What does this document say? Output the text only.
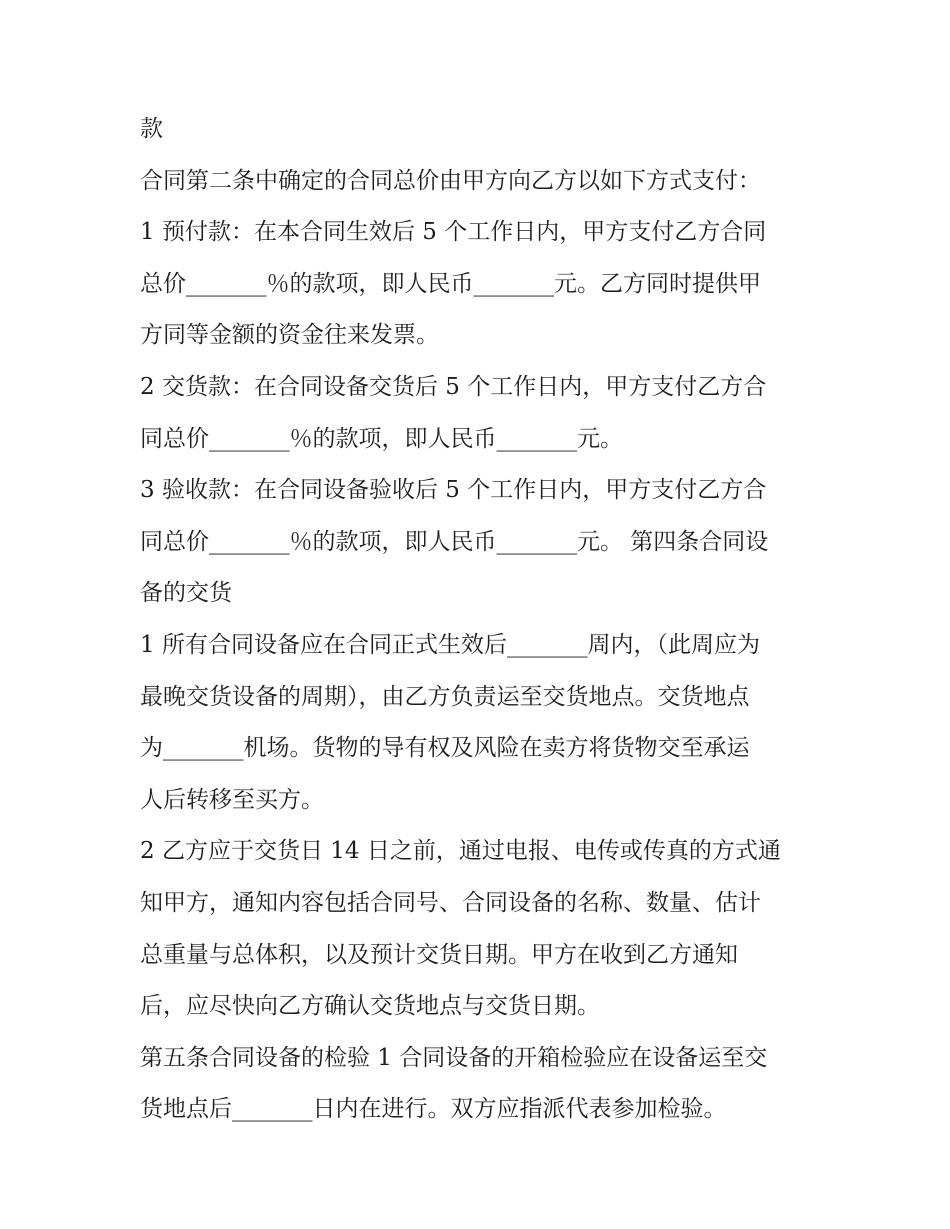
款
合同第二条中确定的合同总价由甲方向乙方以如下方式支付：
1 预付款：在本合同生效后 5 个工作日内，甲方支付乙方合同
总价_______％的款项，即人民币_______元。乙方同时提供甲
方同等金额的资金往来发票。
2 交货款：在合同设备交货后 5 个工作日内，甲方支付乙方合
同总价_______％的款项，即人民币_______元。
3 验收款：在合同设备验收后 5 个工作日内，甲方支付乙方合
同总价_______％的款项，即人民币_______元。 第四条合同设
备的交货
1 所有合同设备应在合同正式生效后_______周内，（此周应为
最晚交货设备的周期），由乙方负责运至交货地点。交货地点
为_______机场。货物的导有权及风险在卖方将货物交至承运
人后转移至买方。
2 乙方应于交货日 14 日之前，通过电报、电传或传真的方式通
知甲方，通知内容包括合同号、合同设备的名称、数量、估计
总重量与总体积，以及预计交货日期。甲方在收到乙方通知
后，应尽快向乙方确认交货地点与交货日期。
第五条合同设备的检验 1 合同设备的开箱检验应在设备运至交
货地点后_______日内在进行。双方应指派代表参加检验。
